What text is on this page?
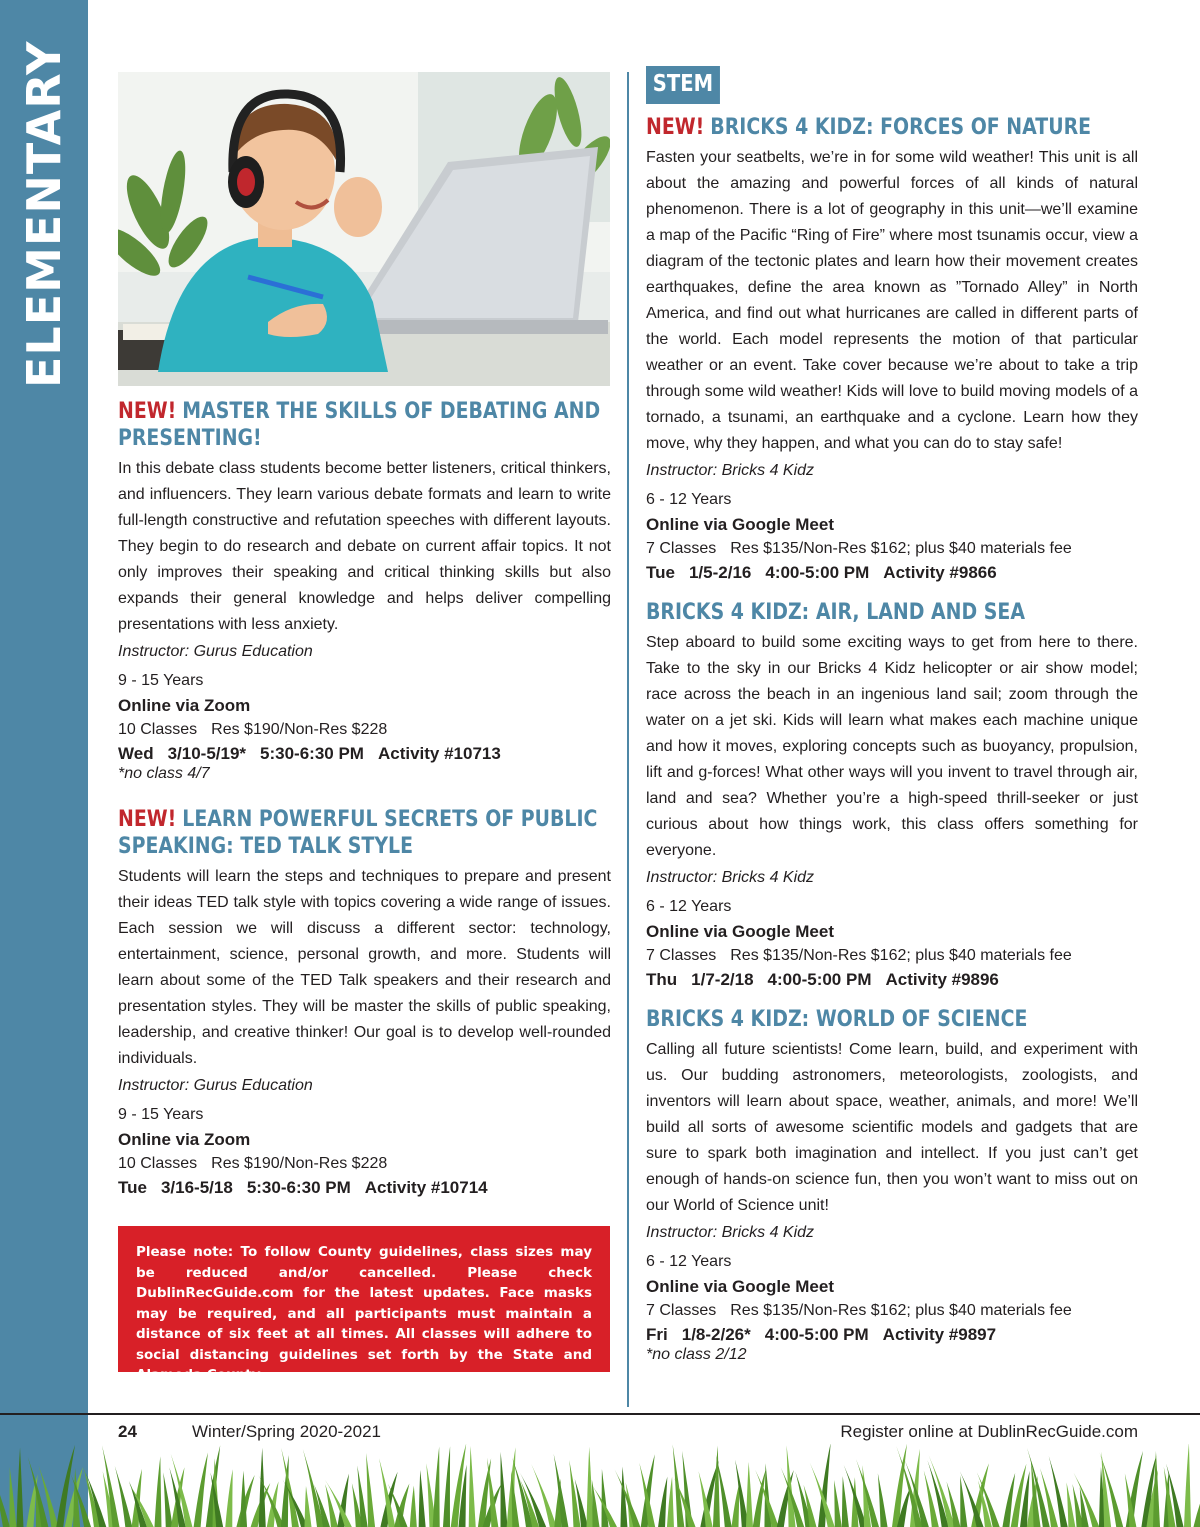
ELEMENTARY
NEW! MASTER THE SKILLS OF DEBATING AND PRESENTING!

In this debate class students become better listeners, critical thinkers, and influencers. They learn various debate formats and learn to write full-length constructive and refutation speeches with different layouts. They begin to do research and debate on current affair topics. It not only improves their speaking and critical thinking skills but also expands their general knowledge and helps deliver compelling presentations with less anxiety.

Instructor: Gurus Education
9 - 15 Years
Online via Zoom
10 Classes Res $190/Non-Res $228
Wed 3/10-5/19* 5:30-6:30 PM Activity #10713
*no class 4/7
NEW! LEARN POWERFUL SECRETS OF PUBLIC SPEAKING: TED TALK STYLE

Students will learn the steps and techniques to prepare and present their ideas TED talk style with topics covering a wide range of issues. Each session we will discuss a different sector: technology, entertainment, science, personal growth, and more. Students will learn about some of the TED Talk speakers and their research and presentation styles. They will be master the skills of public speaking, leadership, and creative thinker! Our goal is to develop well-rounded individuals.

Instructor: Gurus Education
9 - 15 Years
Online via Zoom
10 Classes Res $190/Non-Res $228
Tue 3/16-5/18 5:30-6:30 PM Activity #10714

Please note: To follow County guidelines, class sizes may be reduced and/or cancelled. Please check DublinRecGuide.com for the latest updates. Face masks may be required, and all participants must maintain a distance of six feet at all times. All classes will adhere to social distancing guidelines set forth by the State and Alameda County.

STEM
NEW! BRICKS 4 KIDZ: FORCES OF NATURE

Fasten your seatbelts, we’re in for some wild weather! This unit is all about the amazing and powerful forces of all kinds of natural phenomenon. There is a lot of geography in this unit—we’ll examine a map of the Pacific “Ring of Fire” where most tsunamis occur, view a diagram of the tectonic plates and learn how their movement creates earthquakes, define the area known as ”Tornado Alley” in North America, and find out what hurricanes are called in different parts of the world. Each model represents the motion of that particular weather or an event. Take cover because we’re about to take a trip through some wild weather! Kids will love to build moving models of a tornado, a tsunami, an earthquake and a cyclone. Learn how they move, why they happen, and what you can do to stay safe!

Instructor: Bricks 4 Kidz
6 - 12 Years
Online via Google Meet
7 Classes Res $135/Non-Res $162; plus $40 materials fee
Tue 1/5-2/16 4:00-5:00 PM Activity #9866
BRICKS 4 KIDZ: AIR, LAND AND SEA

Step aboard to build some exciting ways to get from here to there. Take to the sky in our Bricks 4 Kidz helicopter or air show model; race across the beach in an ingenious land sail; zoom through the water on a jet ski. Kids will learn what makes each machine unique and how it moves, exploring concepts such as buoyancy, propulsion, lift and g-forces! What other ways will you invent to travel through air, land and sea? Whether you’re a high-speed thrill-seeker or just curious about how things work, this class offers something for everyone.

Instructor: Bricks 4 Kidz
6 - 12 Years
Online via Google Meet
7 Classes Res $135/Non-Res $162; plus $40 materials fee
Thu 1/7-2/18 4:00-5:00 PM Activity #9896
BRICKS 4 KIDZ: WORLD OF SCIENCE

Calling all future scientists! Come learn, build, and experiment with us. Our budding astronomers, meteorologists, zoologists, and inventors will learn about space, weather, animals, and more! We’ll build all sorts of awesome scientific models and gadgets that are sure to spark both imagination and intellect. If you just can’t get enough of hands-on science fun, then you won’t want to miss out on our World of Science unit!

Instructor: Bricks 4 Kidz
6 - 12 Years
Online via Google Meet
7 Classes Res $135/Non-Res $162; plus $40 materials fee
Fri 1/8-2/26* 4:00-5:00 PM Activity #9897
*no class 2/12
24	Winter/Spring 2020-2021	Register online at DublinRecGuide.com
